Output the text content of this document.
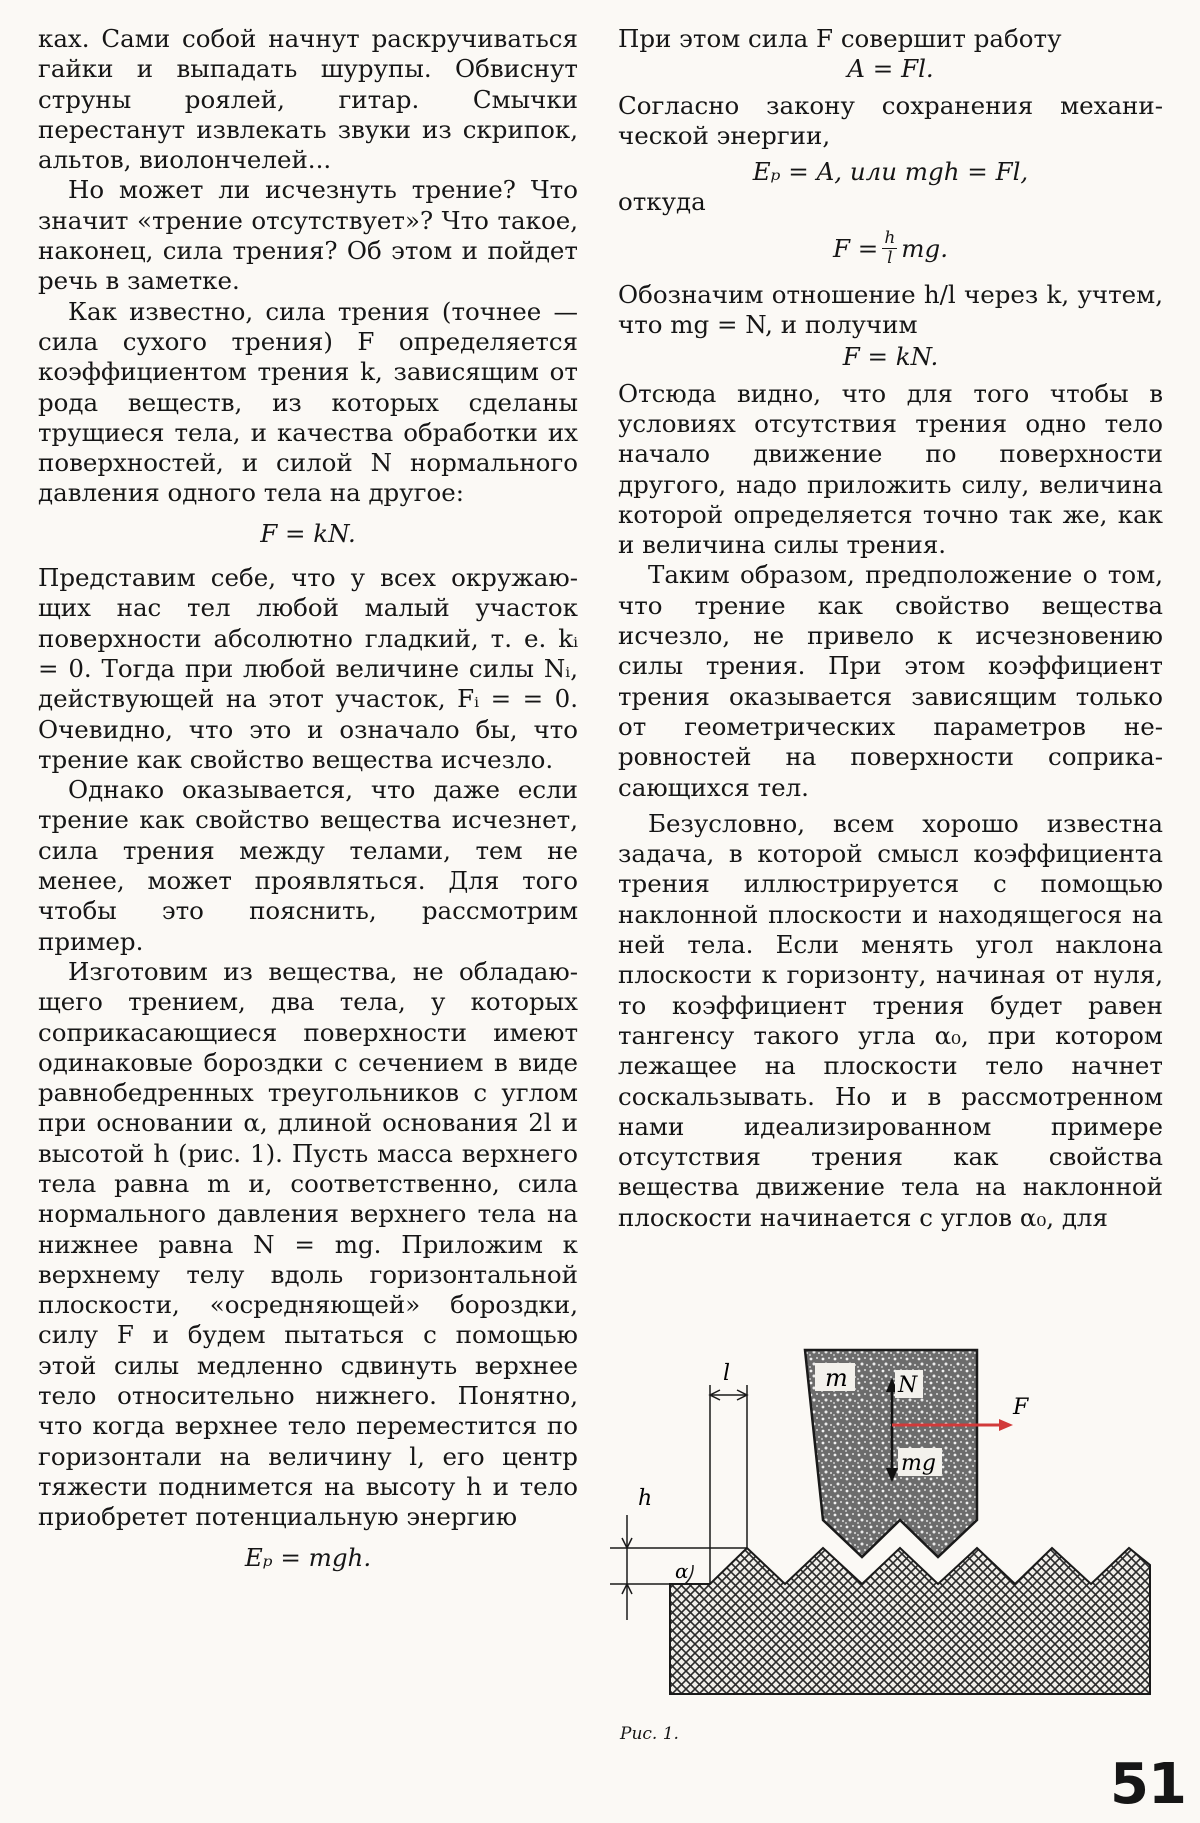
ках. Сами собой начнут раскручиваться гайки и выпадать шурупы. Обвиснут струны роялей, гитар. Смычки перестанут извлекать звуки из скрипок, альтов, виолончелей...

Но может ли исчезнуть трение? Что значит «трение отсутствует»? Что такое, наконец, сила трения? Об этом и пойдет речь в заметке.

Как известно, сила трения (точнее — сила сухого трения) F определяется коэффициентом трения k, зависящим от рода веществ, из которых сделаны трущиеся тела, и качества обработки их поверхностей, и силой N нормального давления одного тела на другое:

F = kN.

Представим себе, что у всех окружающих нас тел любой малый участок поверхности абсолютно гладкий, т. е. kᵢ = 0. Тогда при любой величине силы Nᵢ, действующей на этот участок, Fᵢ = = 0. Очевидно, что это и означало бы, что трение как свойство вещества исчезло.

Однако оказывается, что даже если трение как свойство вещества исчезнет, сила трения между телами, тем не менее, может проявляться. Для того чтобы это пояснить, рассмотрим пример.

Изготовим из вещества, не обладающего трением, два тела, у которых соприкасающиеся поверхности имеют одинаковые бороздки с сечением в виде равнобедренных треугольников с углом при основании α, длиной основания 2l и высотой h (рис. 1). Пусть масса верхнего тела равна m и, соответственно, сила нормального давления верхнего тела на нижнее равна N = mg. Приложим к верхнему телу вдоль горизонтальной плоскости, «осредняющей» бороздки, силу F и будем пытаться с помощью этой силы медленно сдвинуть верхнее тело относительно нижнего. Понятно, что когда верхнее тело переместится по горизонтали на величину l, его центр тяжести поднимется на высоту h и тело приобретет потенциальную энергию

Eₚ = mgh.

При этом сила F совершит работу

A = Fl.

Согласно закону сохранения механической энергии,

Eₚ = A, или mgh = Fl,

откуда

$F = \frac{h}{l}$ mg.

Обозначим отношение h/l через k, учтем, что mg = N, и получим

F = kN.

Отсюда видно, что для того чтобы в условиях отсутствия трения одно тело начало движение по поверхности другого, надо приложить силу, величина которой определяется точно так же, как и величина силы трения.

Таким образом, предположение о том, что трение как свойство вещества исчезло, не привело к исчезновению силы трения. При этом коэффициент трения оказывается зависящим только от геометрических параметров неровностей на поверхности соприкасающихся тел.

Безусловно, всем хорошо известна задача, в которой смысл коэффициента трения иллюстрируется с помощью наклонной плоскости и находящегося на ней тела. Если менять угол наклона плоскости к горизонту, начиная от нуля, то коэффициент трения будет равен тангенсу такого угла α₀, при котором лежащее на плоскости тело начнет соскальзывать. Но и в рассмотренном нами идеализированном примере отсутствия трения как свойства вещества движение тела на наклонной плоскости начинается с углов α₀, для

h
l
α
m N
mg
F
Рис. 1.
51
